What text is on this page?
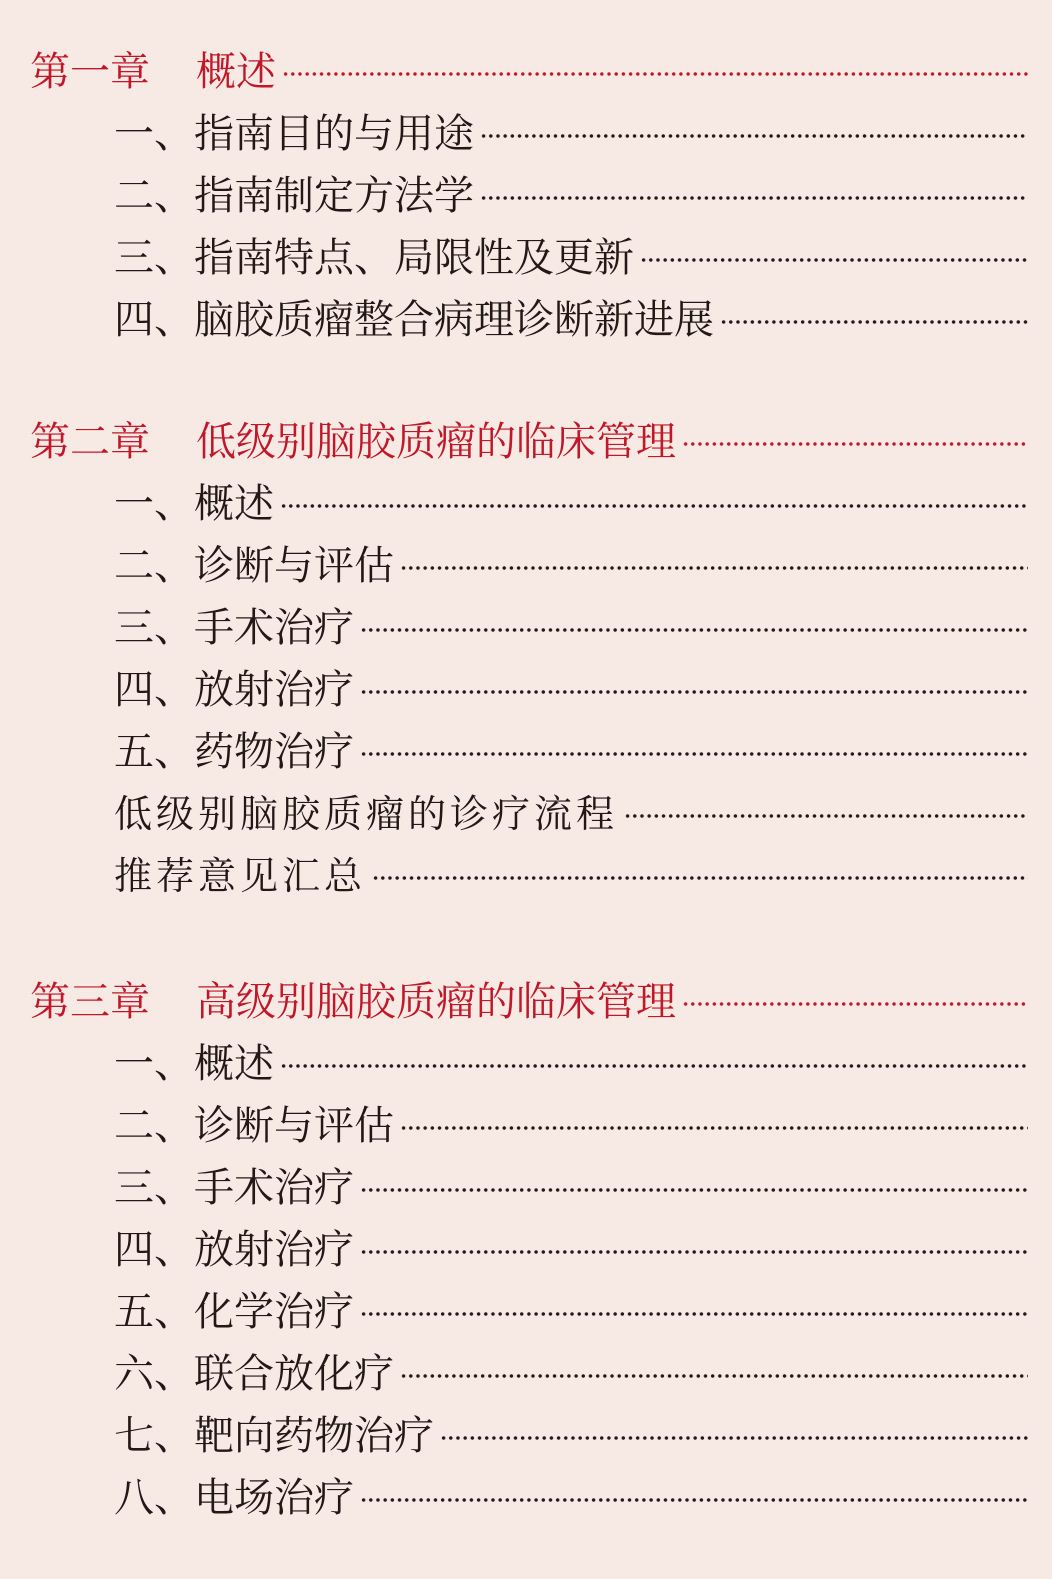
第一章	概述
一、指南目的与用途
二、指南制定方法学
三、指南特点、局限性及更新
四、脑胶质瘤整合病理诊断新进展
第二章	低级别脑胶质瘤的临床管理
一、概述
二、诊断与评估
三、手术治疗
四、放射治疗
五、药物治疗
低级别脑胶质瘤的诊疗流程
推荐意见汇总
第三章	高级别脑胶质瘤的临床管理
一、概述
二、诊断与评估
三、手术治疗
四、放射治疗
五、化学治疗
六、联合放化疗
七、靶向药物治疗
八、电场治疗
